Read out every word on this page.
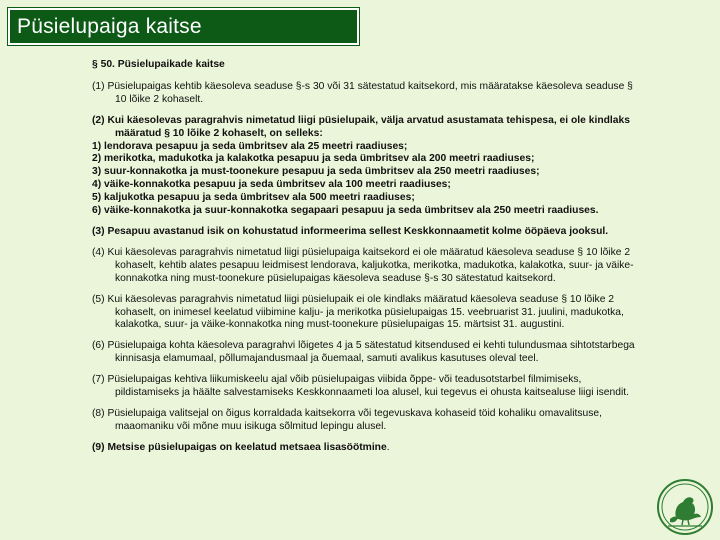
Püsielupaiga kaitse
§ 50. Püsielupaikade kaitse
(1) Püsielupaigas kehtib käesoleva seaduse §-s 30 või 31 sätestatud kaitsekord, mis määratakse käesoleva seaduse § 10 lõike 2 kohaselt.
(2) Kui käesolevas paragrahvis nimetatud liigi püsielupaik, välja arvatud asustamata tehispesa, ei ole kindlaks määratud § 10 lõike 2 kohaselt, on selleks:
1) lendorava pesapuu ja seda ümbritsev ala 25 meetri raadiuses;
2) merikotka, madukotka ja kalakotka pesapuu ja seda ümbritsev ala 200 meetri raadiuses;
3) suur-konnakotka ja must-toonekure pesapuu ja seda ümbritsev ala 250 meetri raadiuses;
4) väike-konnakotka pesapuu ja seda ümbritsev ala 100 meetri raadiuses;
5) kaljukotka pesapuu ja seda ümbritsev ala 500 meetri raadiuses;
6) väike-konnakotka ja suur-konnakotka segapaari pesapuu ja seda ümbritsev ala 250 meetri raadiuses.
(3) Pesapuu avastanud isik on kohustatud informeerima sellest Keskkonnaametit kolme ööpäeva jooksul.
(4) Kui käesolevas paragrahvis nimetatud liigi püsielupaiga kaitsekord ei ole määratud käesoleva seaduse § 10 lõike 2 kohaselt, kehtib alates pesapuu leidmisest lendorava, kaljukotka, merikotka, madukotka, kalakotka, suur- ja väike-konnakotka ning must-toonekure püsielupaigas käesoleva seaduse §-s 30 sätestatud kaitsekord.
(5) Kui käesolevas paragrahvis nimetatud liigi püsielupaik ei ole kindlaks määratud käesoleva seaduse § 10 lõike 2 kohaselt, on inimesel keelatud viibimine kalju- ja merikotka püsielupaigas 15. veebruarist 31. juulini, madukotka, kalakotka, suur- ja väike-konnakotka ning must-toonekure püsielupaigas 15. märtsist 31. augustini.
(6) Püsielupaiga kohta käesoleva paragrahvi lõigetes 4 ja 5 sätestatud kitsendused ei kehti tulundusmaa sihtotstarbega kinnisasja elamumaal, põllumajandusmaal ja õuemaal, samuti avalikus kasutuses oleval teel.
(7) Püsielupaigas kehtiva liikumiskeelu ajal võib püsielupaigas viibida õppe- või teadusotstarbel filmimiseks, pildistamiseks ja häälte salvestamiseks Keskkonnaameti loa alusel, kui tegevus ei ohusta kaitsealuse liigi isendit.
(8) Püsielupaiga valitsejal on õigus korraldada kaitsekorra või tegevuskava kohaseid töid kohaliku omavalitsuse, maaomaniku või mõne muu isikuga sõlmitud lepingu alusel.
(9) Metsise püsielupaigas on keelatud metsaea lisasöötmine.
